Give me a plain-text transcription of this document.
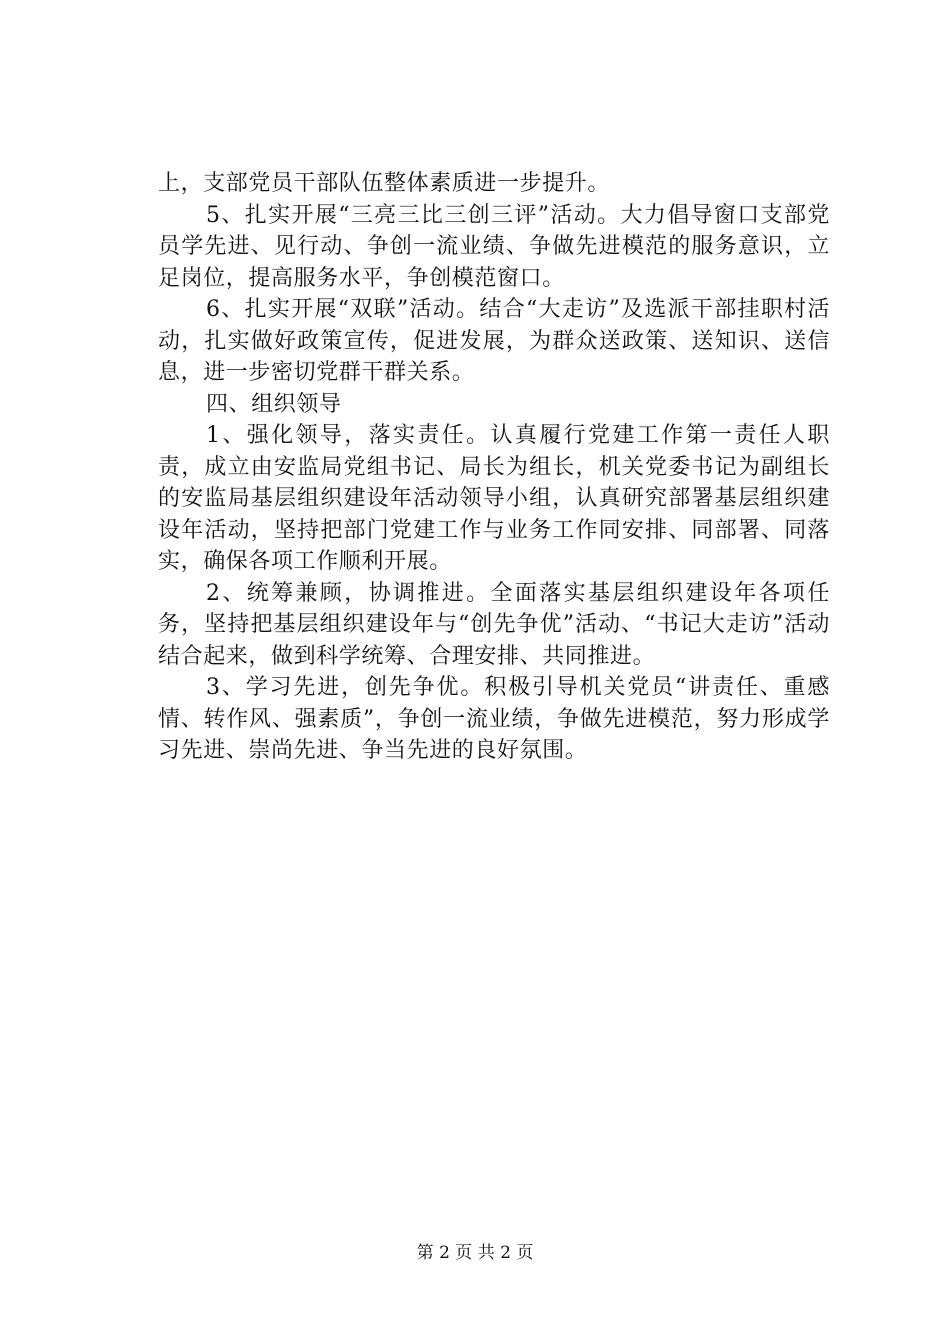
上，支部党员干部队伍整体素质进一步提升。

5、扎实开展“三亮三比三创三评”活动。大力倡导窗口支部党员学先进、见行动、争创一流业绩、争做先进模范的服务意识，立足岗位，提高服务水平，争创模范窗口。

6、扎实开展“双联”活动。结合“大走访”及选派干部挂职村活动，扎实做好政策宣传，促进发展，为群众送政策、送知识、送信息，进一步密切党群干群关系。

四、组织领导

1、强化领导，落实责任。认真履行党建工作第一责任人职责，成立由安监局党组书记、局长为组长，机关党委书记为副组长的安监局基层组织建设年活动领导小组，认真研究部署基层组织建设年活动，坚持把部门党建工作与业务工作同安排、同部署、同落实，确保各项工作顺利开展。

2、统筹兼顾，协调推进。全面落实基层组织建设年各项任务，坚持把基层组织建设年与“创先争优”活动、“书记大走访”活动结合起来，做到科学统筹、合理安排、共同推进。

3、学习先进，创先争优。积极引导机关党员“讲责任、重感情、转作风、强素质”，争创一流业绩，争做先进模范，努力形成学习先进、崇尚先进、争当先进的良好氛围。

第 2 页 共 2 页
